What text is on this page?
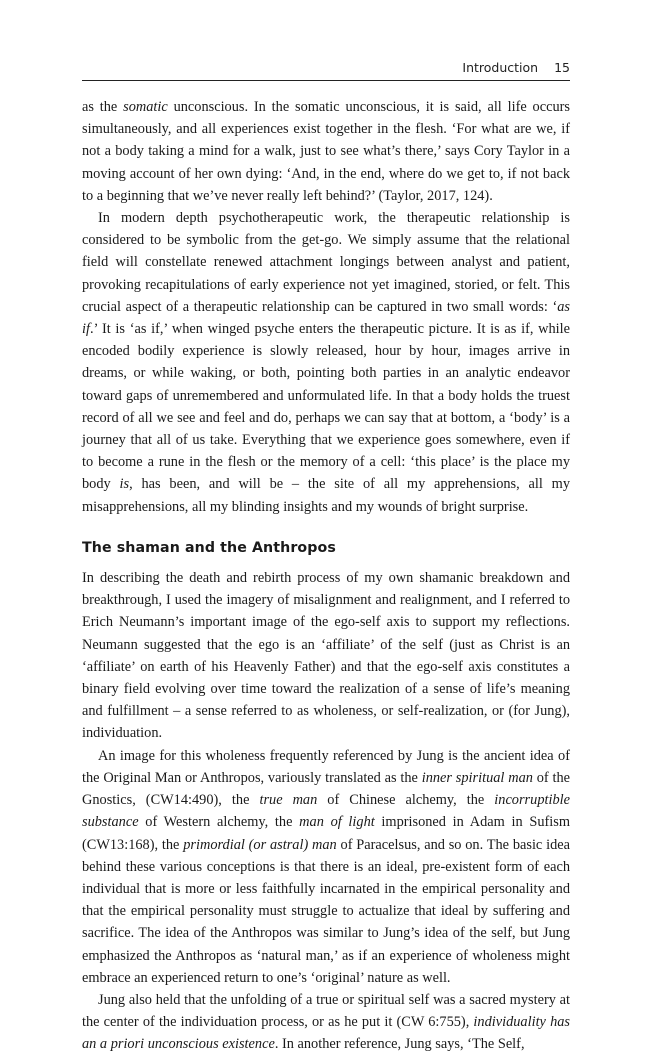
Introduction 15

as the somatic unconscious. In the somatic unconscious, it is said, all life occurs simultaneously, and all experiences exist together in the flesh. ‘For what are we, if not a body taking a mind for a walk, just to see what’s there,’ says Cory Taylor in a moving account of her own dying: ‘And, in the end, where do we get to, if not back to a beginning that we’ve never really left behind?’ (Taylor, 2017, 124).

In modern depth psychotherapeutic work, the therapeutic relationship is considered to be symbolic from the get-go. We simply assume that the relational field will constellate renewed attachment longings between analyst and patient, provoking recapitulations of early experience not yet imagined, storied, or felt. This crucial aspect of a therapeutic relationship can be captured in two small words: ‘as if.’ It is ‘as if,’ when winged psyche enters the therapeutic picture. It is as if, while encoded bodily experience is slowly released, hour by hour, images arrive in dreams, or while waking, or both, pointing both parties in an analytic endeavor toward gaps of unremembered and unformulated life. In that a body holds the truest record of all we see and feel and do, perhaps we can say that at bottom, a ‘body’ is a journey that all of us take. Everything that we experience goes somewhere, even if to become a rune in the flesh or the memory of a cell: ‘this place’ is the place my body is, has been, and will be – the site of all my apprehensions, all my misapprehensions, all my blinding insights and my wounds of bright surprise.

The shaman and the Anthropos

In describing the death and rebirth process of my own shamanic breakdown and breakthrough, I used the imagery of misalignment and realignment, and I referred to Erich Neumann’s important image of the ego-self axis to support my reflections. Neumann suggested that the ego is an ‘affiliate’ of the self (just as Christ is an ‘affiliate’ on earth of his Heavenly Father) and that the ego-self axis constitutes a binary field evolving over time toward the realization of a sense of life’s meaning and fulfillment – a sense referred to as wholeness, or self-realization, or (for Jung), individuation.

An image for this wholeness frequently referenced by Jung is the ancient idea of the Original Man or Anthropos, variously translated as the inner spiritual man of the Gnostics, (CW14:490), the true man of Chinese alchemy, the incorruptible substance of Western alchemy, the man of light imprisoned in Adam in Sufism (CW13:168), the primordial (or astral) man of Paracelsus, and so on. The basic idea behind these various conceptions is that there is an ideal, pre-existent form of each individual that is more or less faithfully incarnated in the empirical personality and that the empirical personality must struggle to actualize that ideal by suffering and sacrifice. The idea of the Anthropos was similar to Jung’s idea of the self, but Jung emphasized the Anthropos as ‘natural man,’ as if an experience of wholeness might embrace an experienced return to one’s ‘original’ nature as well.

Jung also held that the unfolding of a true or spiritual self was a sacred mystery at the center of the individuation process, or as he put it (CW 6:755), individuality has an a priori unconscious existence. In another reference, Jung says, ‘The Self,
